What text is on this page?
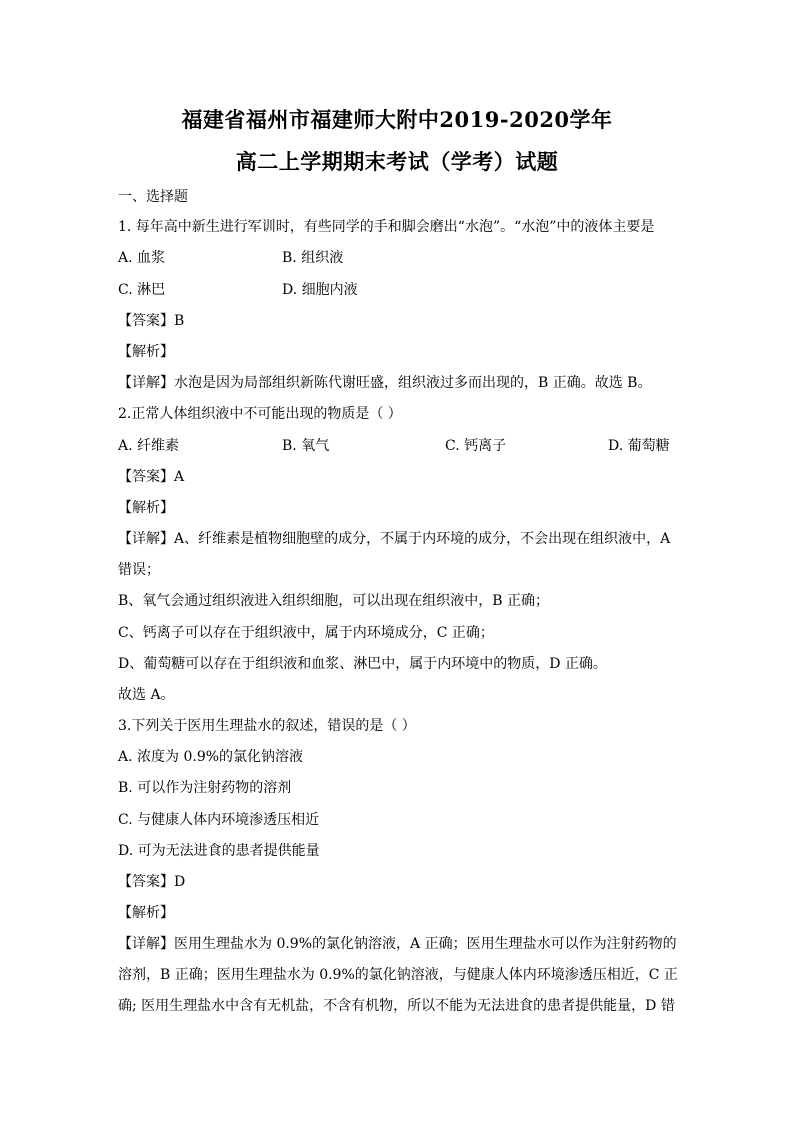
福建省福州市福建师大附中2019-2020学年
高二上学期期末考试（学考）试题
一、选择题
1. 每年高中新生进行军训时，有些同学的手和脚会磨出“水泡”。“水泡”中的液体主要是
A. 血浆	B. 组织液
C. 淋巴	D. 细胞内液
【答案】B
【解析】
【详解】水泡是因为局部组织新陈代谢旺盛，组织液过多而出现的，B 正确。故选 B。
2.正常人体组织液中不可能出现的物质是（ ）
A. 纤维素	B. 氧气	C. 钙离子	D. 葡萄糖
【答案】A
【解析】
【详解】A、纤维素是植物细胞壁的成分，不属于内环境的成分，不会出现在组织液中，A
错误；
B、氧气会通过组织液进入组织细胞，可以出现在组织液中，B 正确；
C、钙离子可以存在于组织液中，属于内环境成分，C 正确；
D、葡萄糖可以存在于组织液和血浆、淋巴中，属于内环境中的物质，D 正确。
故选 A。
3.下列关于医用生理盐水的叙述，错误的是（ ）
A. 浓度为 0.9%的氯化钠溶液
B. 可以作为注射药物的溶剂
C. 与健康人体内环境渗透压相近
D. 可为无法进食的患者提供能量
【答案】D
【解析】
【详解】医用生理盐水为 0.9%的氯化钠溶液，A 正确；医用生理盐水可以作为注射药物的
溶剂，B 正确；医用生理盐水为 0.9%的氯化钠溶液，与健康人体内环境渗透压相近，C 正
确; 医用生理盐水中含有无机盐，不含有机物，所以不能为无法进食的患者提供能量，D 错
